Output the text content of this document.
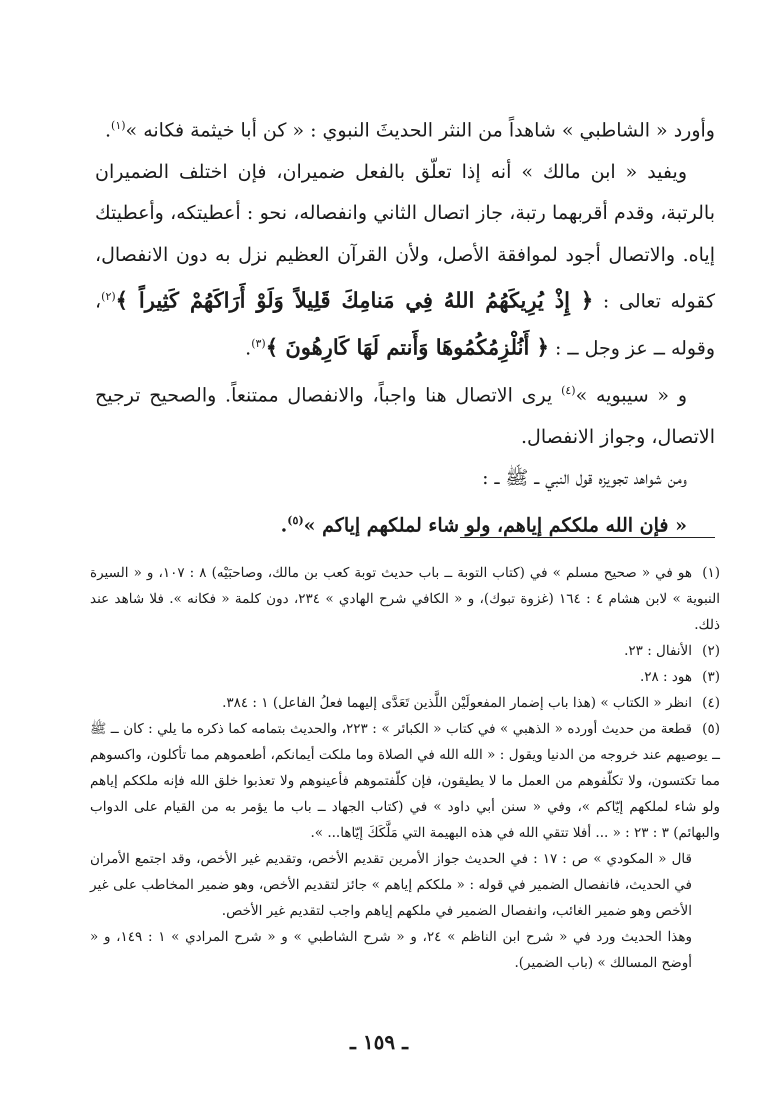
وأورد « الشاطبي » شاهداً من النثر الحديثَ النبوي : « كن أبا خيثمة فكانه »$^{(١)}$.

ويفيد « ابن مالك » أنه إذا تعلّق بالفعل ضميران، فإن اختلف الضميران بالرتبة، وقدم أقربهما رتبة، جاز اتصال الثاني وانفصاله، نحو : أعطيتكه، وأعطيتك إياه. والاتصال أجود لموافقة الأصل، ولأن القرآن العظيم نزل به دون الانفصال، كقوله تعالى : ﴿ إِذْ يُرِيكَهُمُ اللهُ فِي مَنامِكَ قَلِيلاً وَلَوْ أَرَاكَهُمْ كَثِيراً ﴾$^{(٢)}$، وقوله ــ عز وجل ــ : ﴿ أَنُلْزِمُكُمُوهَا وَأَنتم لَهَا كَارِهُونَ ﴾$^{(٣)}$.

و « سيبويه »$^{(٤)}$ يرى الاتصال هنا واجباً، والانفصال ممتنعاً. والصحيح ترجيح الاتصال، وجواز الانفصال.

ومن شواهد تجويزه قول النبي ــ ﷺ ــ :

« فإن الله ملككم إياهم، ولو شاء لملكهم إياكم »$^{(٥)}$.

(١)هو في « صحيح مسلم » في (كتاب التوبة ــ باب حديث توبة كعب بن مالك، وصاحبَيْه) ٨ : ١٠٧، و « السيرة النبوية » لابن هشام ٤ : ١٦٤ (غزوة تبوك)، و « الكافي شرح الهادي » ٢٣٤، دون كلمة « فكانه ». فلا شاهد عند ذلك.

(٢)الأنفال : ٢٣.

(٣)هود : ٢٨.

(٤)انظر « الكتاب » (هذا باب إضمار المفعولَيْن اللَّذين تَعَدَّى إليهما فعلُ الفاعل) ١ : ٣٨٤.

(٥)قطعة من حديث أورده « الذهبي » في كتاب « الكبائر » : ٢٢٣، والحديث بتمامه كما ذكره ما يلي : كان ــ ﷺ ــ يوصيهم عند خروجه من الدنيا ويقول : « الله الله في الصلاة وما ملكت أيمانكم، أطعموهم مما تأكلون، واكسوهم مما تكتسون، ولا تكلّفوهم من العمل ما لا يطيقون، فإن كلّفتموهم فأعينوهم ولا تعذبوا خلق الله فإنه ملككم إياهم ولو شاء لملكهم إيّاكم »، وفي « سنن أبي داود » في (كتاب الجهاد ــ باب ما يؤمر به من القيام على الدواب والبهائم) ٣ : ٢٣ : « ... أفلا تتقي الله في هذه البهيمة التي مَلَّكَكَ إيّاها... ».

قال « المكودي » ص : ١٧ : في الحديث جواز الأمرين تقديم الأخص، وتقديم غير الأخص، وقد اجتمع الأمران في الحديث، فانفصال الضمير في قوله : « ملككم إياهم » جائز لتقديم الأخص، وهو ضمير المخاطب على غير الأخص وهو ضمير الغائب، وانفصال الضمير في ملكهم إياهم واجب لتقديم غير الأخص.

وهذا الحديث ورد في « شرح ابن الناظم » ٢٤، و « شرح الشاطبي » و « شرح المرادي » ١ : ١٤٩، و « أوضح المسالك » (باب الضمير).

ـ ١٥٩ ـ
